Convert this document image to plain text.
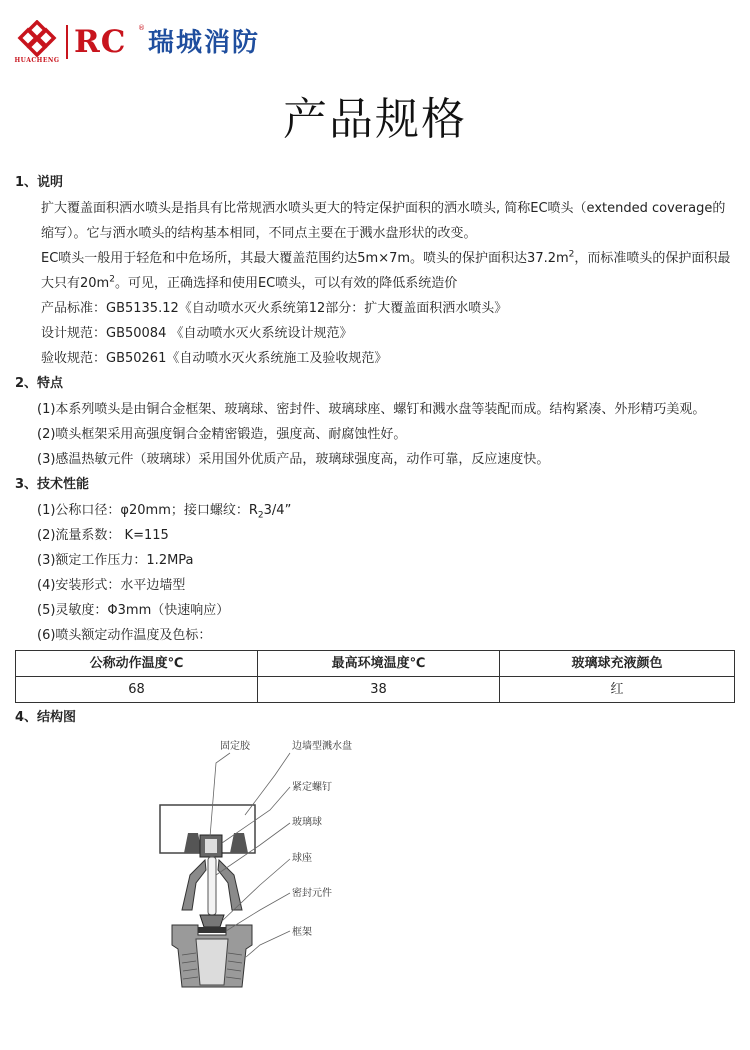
HUACHENG
RC ® 瑞城消防
产品规格

1、说明

扩大覆盖面积洒水喷头是指具有比常规洒水喷头更大的特定保护面积的洒水喷头, 简称EC喷头（extended coverage的缩写）。它与洒水喷头的结构基本相同，不同点主要在于溅水盘形状的改变。

EC喷头一般用于轻危和中危场所，其最大覆盖范围约达5m×7m。喷头的保护面积达$37.2m^2$，而标准喷头的保护面积最大只有$20m^2$。可见，正确选择和使用EC喷头，可以有效的降低系统造价

产品标准：GB5135.12《自动喷水灭火系统第12部分：扩大覆盖面积洒水喷头》

设计规范：GB50084 《自动喷水灭火系统设计规范》

验收规范：GB50261《自动喷水灭火系统施工及验收规范》

2、特点

(1)本系列喷头是由铜合金框架、玻璃球、密封件、玻璃球座、螺钉和溅水盘等装配而成。结构紧凑、外形精巧美观。

(2)喷头框架采用高强度铜合金精密锻造，强度高、耐腐蚀性好。

(3)感温热敏元件（玻璃球）采用国外优质产品，玻璃球强度高，动作可靠，反应速度快。

3、技术性能

(1)公称口径：φ20mm；接口螺纹：$R_23/4$”

(2)流量系数： K=115

(3)额定工作压力：1.2MPa

(4)安装形式：水平边墙型

(5)灵敏度：Φ3mm（快速响应）

(6)喷头额定动作温度及色标：

公称动作温度℃	最高环境温度℃	玻璃球充液颜色
68	38	红

4、结构图

固定胶	边墙型溅水盘
紧定螺钉
玻璃球
球座
密封元件
框架
